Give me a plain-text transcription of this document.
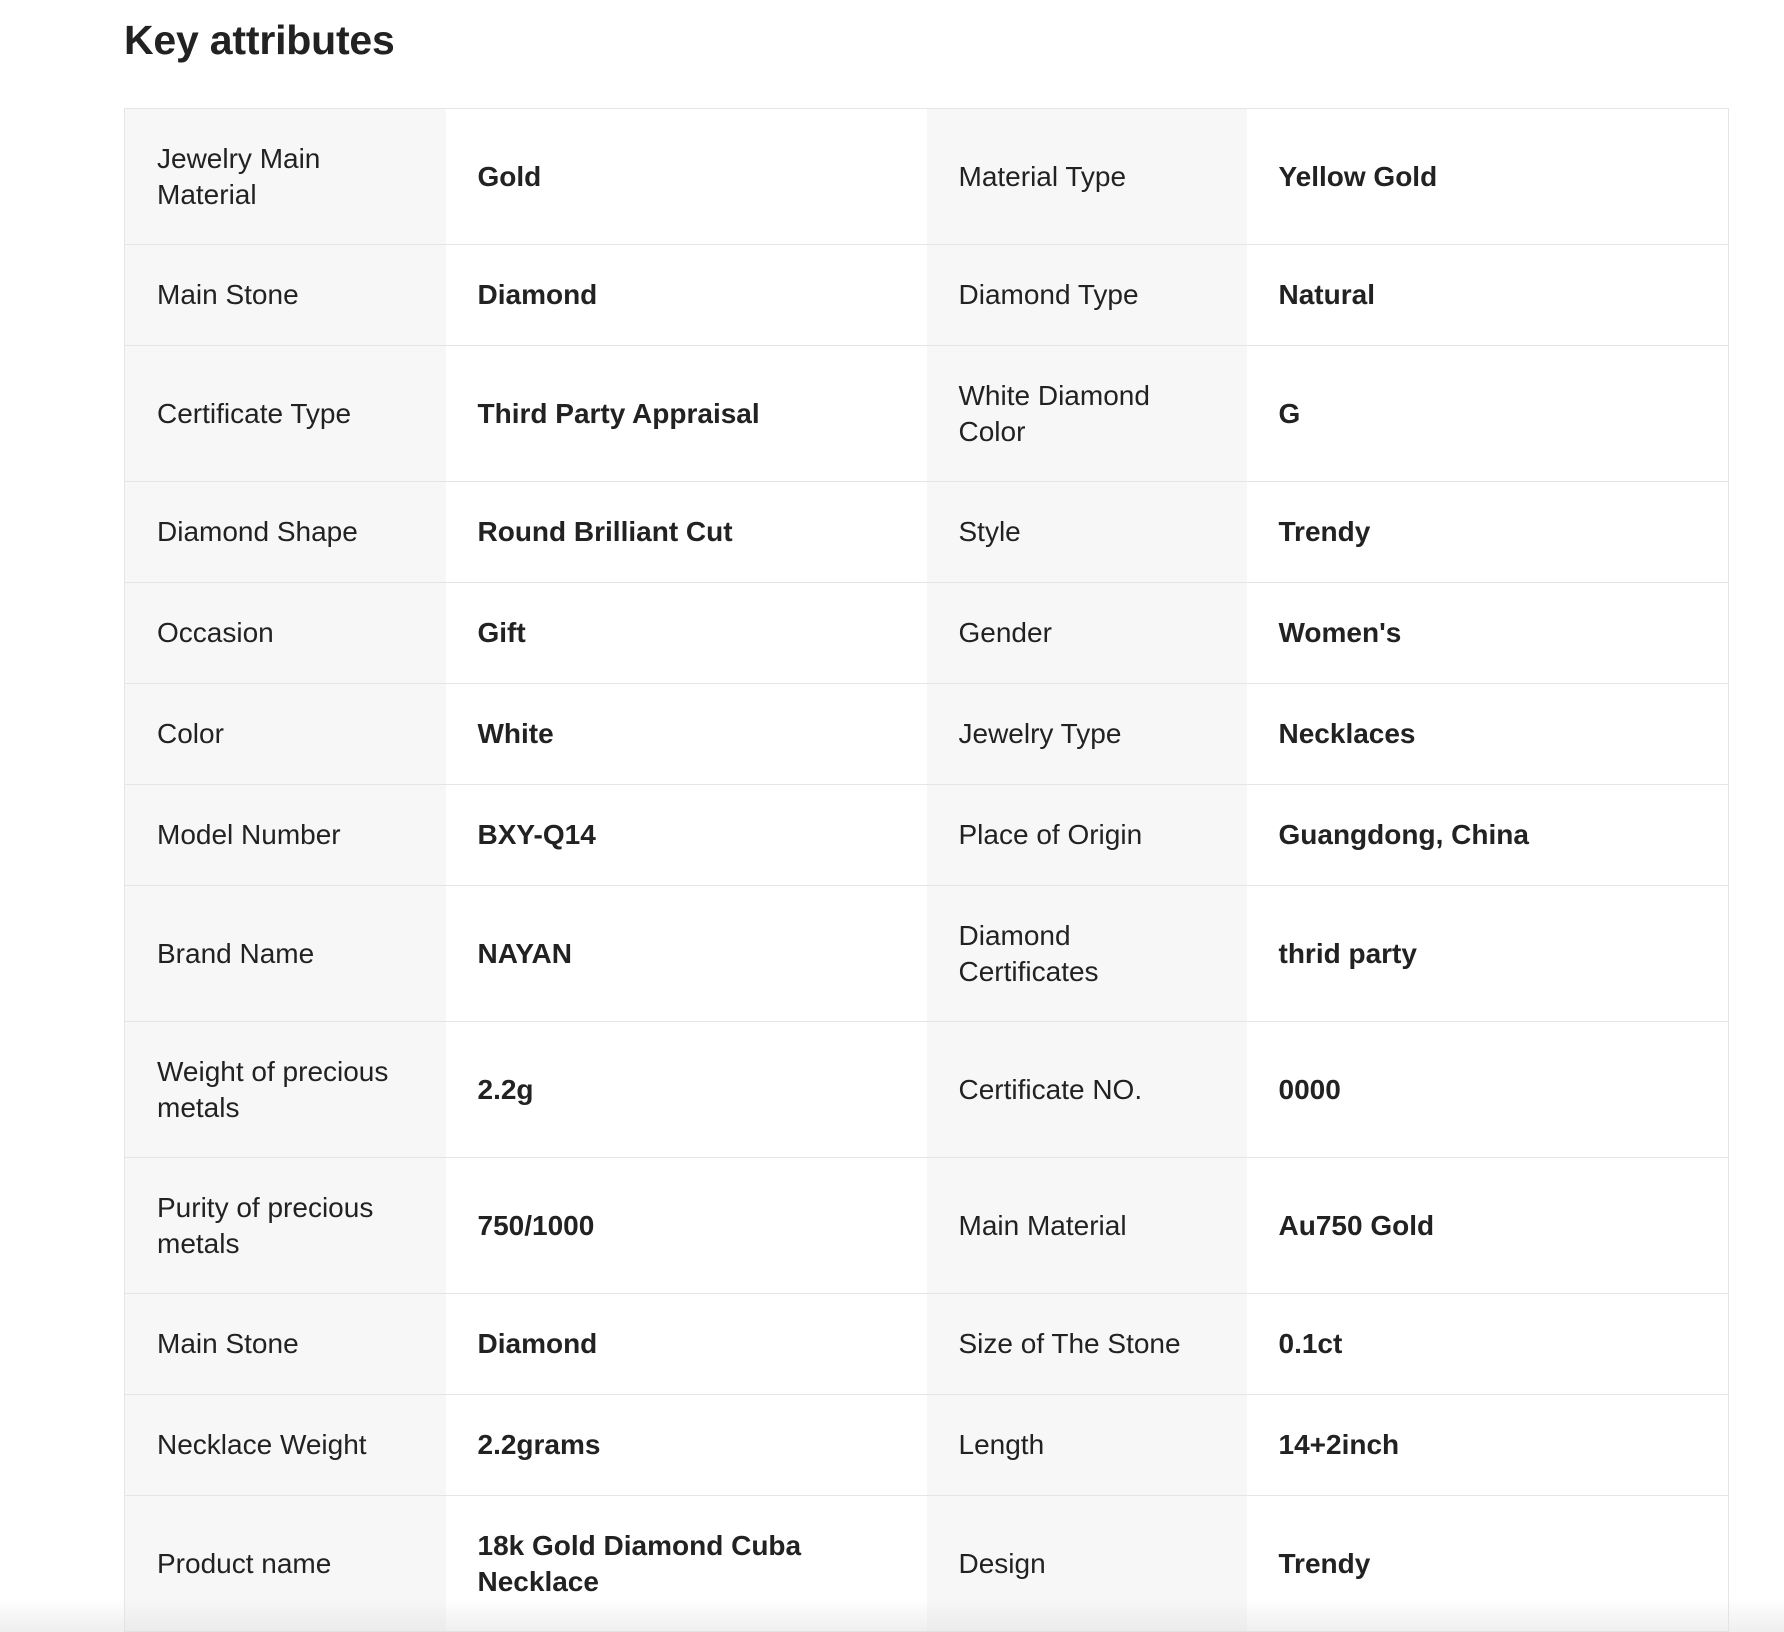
Key attributes
Jewelry Main Material	Gold	Material Type	Yellow Gold
Main Stone	Diamond	Diamond Type	Natural
Certificate Type	Third Party Appraisal	White Diamond Color	G
Diamond Shape	Round Brilliant Cut	Style	Trendy
Occasion	Gift	Gender	Women's
Color	White	Jewelry Type	Necklaces
Model Number	BXY-Q14	Place of Origin	Guangdong, China
Brand Name	NAYAN	Diamond Certificates	thrid party
Weight of precious metals	2.2g	Certificate NO.	0000
Purity of precious metals	750/1000	Main Material	Au750 Gold
Main Stone	Diamond	Size of The Stone	0.1ct
Necklace Weight	2.2grams	Length	14+2inch
Product name	18k Gold Diamond Cuba Necklace	Design	Trendy
